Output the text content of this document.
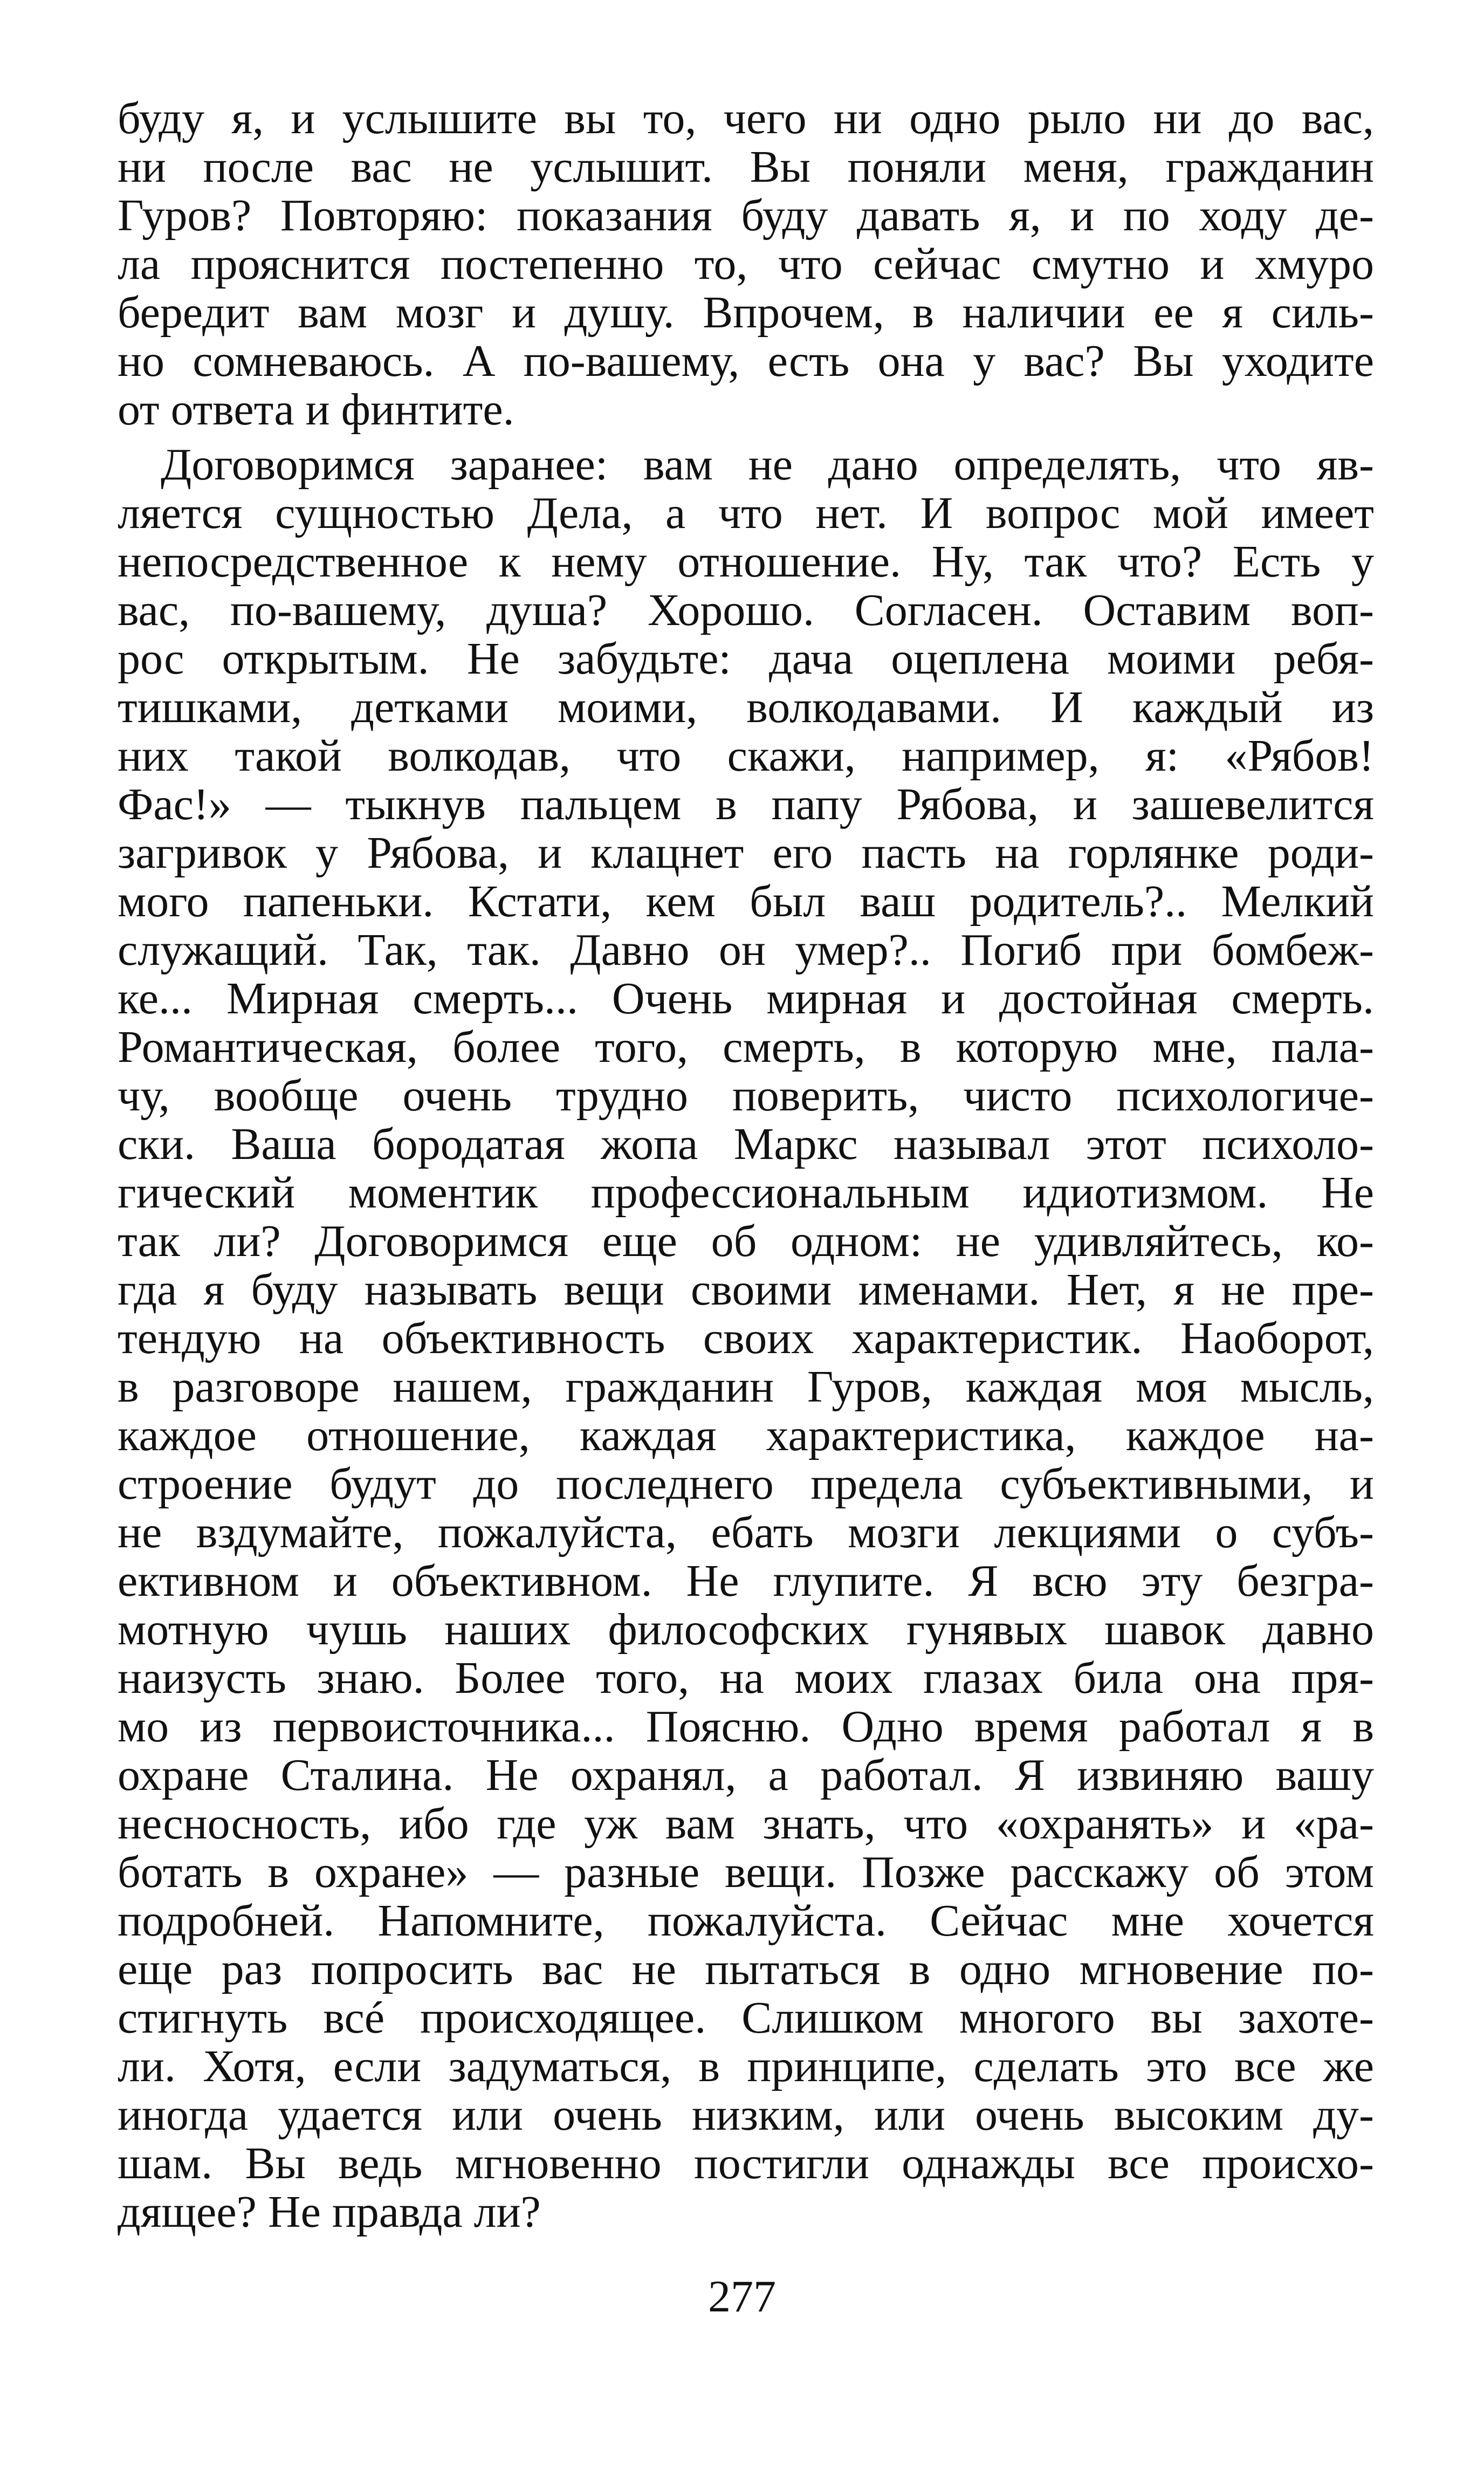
буду я, и услышите вы то, чего ни одно рыло ни до вас,
ни после вас не услышит. Вы поняли меня, гражданин
Гуров? Повторяю: показания буду давать я, и по ходу де-
ла прояснится постепенно то, что сейчас смутно и хмуро
бередит вам мозг и душу. Впрочем, в наличии ее я силь-
но сомневаюсь. А по-вашему, есть она у вас? Вы уходите
от ответа и финтите.
Договоримся заранее: вам не дано определять, что яв-
ляется сущностью Дела, а что нет. И вопрос мой имеет
непосредственное к нему отношение. Ну, так что? Есть у
вас, по-вашему, душа? Хорошо. Согласен. Оставим воп-
рос открытым. Не забудьте: дача оцеплена моими ребя-
тишками, детками моими, волкодавами. И каждый из
них такой волкодав, что скажи, например, я: «Рябов!
Фас!» — тыкнув пальцем в папу Рябова, и зашевелится
загривок у Рябова, и клацнет его пасть на горлянке роди-
мого папеньки. Кстати, кем был ваш родитель?.. Мелкий
служащий. Так, так. Давно он умер?.. Погиб при бомбеж-
ке... Мирная смерть... Очень мирная и достойная смерть.
Романтическая, более того, смерть, в которую мне, пала-
чу, вообще очень трудно поверить, чисто психологиче-
ски. Ваша бородатая жопа Маркс называл этот психоло-
гический моментик профессиональным идиотизмом. Не
так ли? Договоримся еще об одном: не удивляйтесь, ко-
гда я буду называть вещи своими именами. Нет, я не пре-
тендую на объективность своих характеристик. Наоборот,
в разговоре нашем, гражданин Гуров, каждая моя мысль,
каждое отношение, каждая характеристика, каждое на-
строение будут до последнего предела субъективными, и
не вздумайте, пожалуйста, ебать мозги лекциями о субъ-
ективном и объективном. Не глупите. Я всю эту безгра-
мотную чушь наших философских гунявых шавок давно
наизусть знаю. Более того, на моих глазах била она пря-
мо из первоисточника... Поясню. Одно время работал я в
охране Сталина. Не охранял, а работал. Я извиняю вашу
несносность, ибо где уж вам знать, что «охранять» и «ра-
ботать в охране» — разные вещи. Позже расскажу об этом
подробней. Напомните, пожалуйста. Сейчас мне хочется
еще раз попросить вас не пытаться в одно мгновение по-
стигнуть всé происходящее. Слишком многого вы захоте-
ли. Хотя, если задуматься, в принципе, сделать это все же
иногда удается или очень низким, или очень высоким ду-
шам. Вы ведь мгновенно постигли однажды все происхо-
дящее? Не правда ли?
277
